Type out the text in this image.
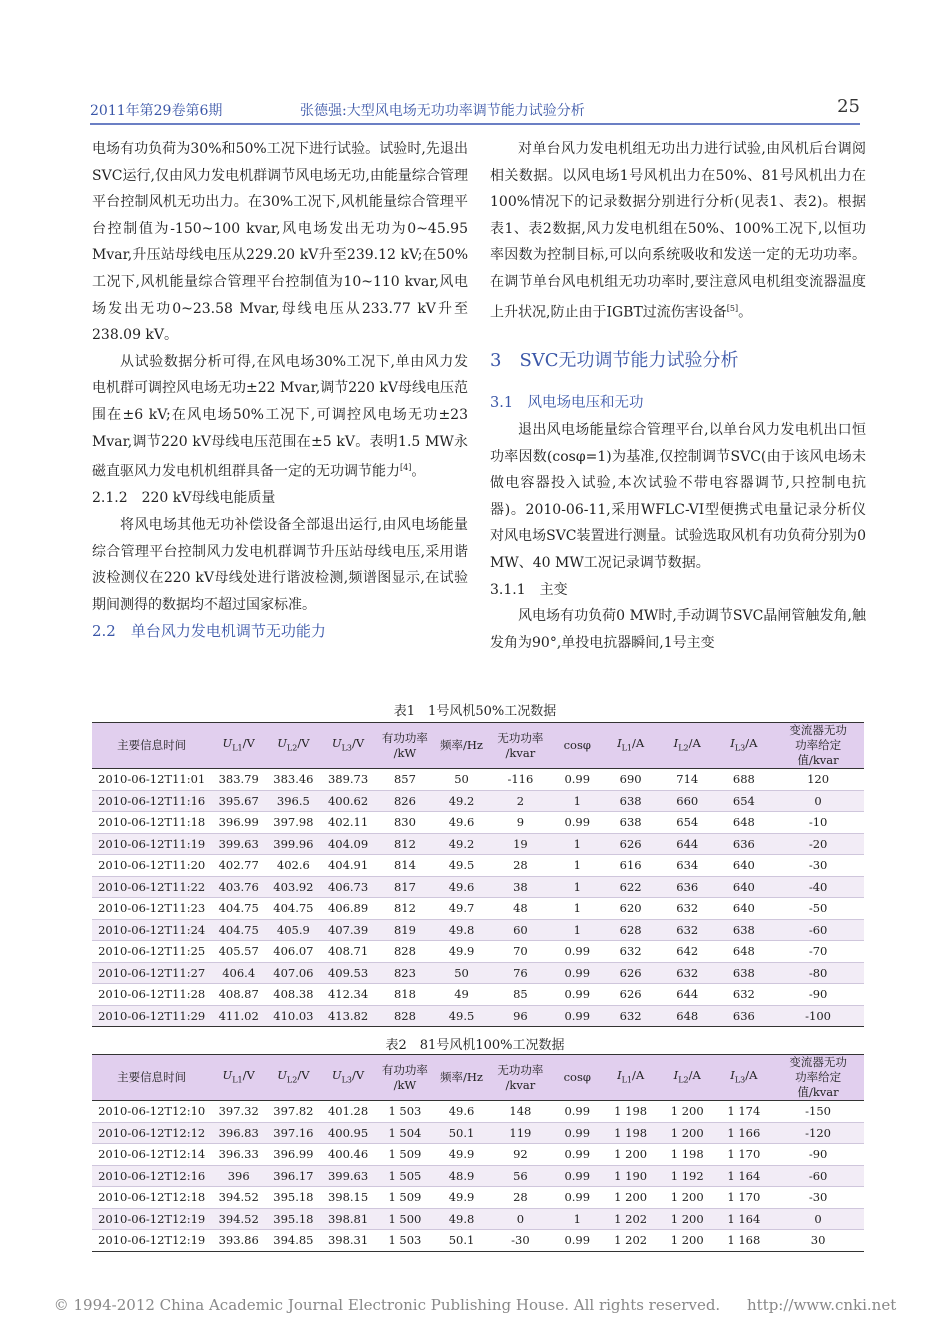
2011年第29卷第6期	张德强:大型风电场无功功率调节能力试验分析	25

电场有功负荷为30%和50%工况下进行试验。试验时,先退出SVC运行,仅由风力发电机群调节风电场无功,由能量综合管理平台控制风机无功出力。在30%工况下,风机能量综合管理平台控制值为-150~100 kvar,风电场发出无功为0~45.95 Mvar,升压站母线电压从229.20 kV升至239.12 kV;在50%工况下,风机能量综合管理平台控制值为10~110 kvar,风电场发出无功0~23.58 Mvar,母线电压从233.77 kV升至238.09 kV。

从试验数据分析可得,在风电场30%工况下,单由风力发电机群可调控风电场无功±22 Mvar,调节220 kV母线电压范围在±6 kV;在风电场50%工况下,可调控风电场无功±23 Mvar,调节220 kV母线电压范围在±5 kV。表明1.5 MW永磁直驱风力发电机机组群具备一定的无功调节能力[4]。

2.1.2　220 kV母线电能质量

将风电场其他无功补偿设备全部退出运行,由风电场能量综合管理平台控制风力发电机群调节升压站母线电压,采用谐波检测仪在220 kV母线处进行谐波检测,频谱图显示,在试验期间测得的数据均不超过国家标准。

2.2　单台风力发电机调节无功能力

对单台风力发电机组无功出力进行试验,由风机后台调阅相关数据。以风电场1号风机出力在50%、81号风机出力在100%情况下的记录数据分别进行分析(见表1、表2)。根据表1、表2数据,风力发电机组在50%、100%工况下,以恒功率因数为控制目标,可以向系统吸收和发送一定的无功功率。在调节单台风电机组无功功率时,要注意风电机组变流器温度上升状况,防止由于IGBT过流伤害设备[5]。

3　SVC无功调节能力试验分析

3.1　风电场电压和无功

退出风电场能量综合管理平台,以单台风力发电机出口恒功率因数(cosφ=1)为基准,仅控制调节SVC(由于该风电场未做电容器投入试验,本次试验不带电容器调节,只控制电抗器)。2010-06-11,采用WFLC-VI型便携式电量记录分析仪对风电场SVC装置进行测量。试验选取风机有功负荷分别为0 MW、40 MW工况记录调节数据。

3.1.1　主变

风电场有功负荷0 MW时,手动调节SVC晶闸管触发角,触发角为90°,单投电抗器瞬间,1号主变

表1　1号风机50%工况数据
主要信息时间	$U_{L1}/V$	$U_{L2}/V$	$U_{L3}/V$	有功功率
/kW	频率/Hz	无功功率
/kvar	cosφ	$I_{L1}/A$	$I_{L2}/A$	$I_{L3}/A$	变流器无功
功率给定值/kvar
2010-06-12T11:01	383.79	383.46	389.73	857	50	-116	0.99	690	714	688	120
2010-06-12T11:16	395.67	396.5	400.62	826	49.2	2	1	638	660	654	0
2010-06-12T11:18	396.99	397.98	402.11	830	49.6	9	0.99	638	654	648	-10
2010-06-12T11:19	399.63	399.96	404.09	812	49.2	19	1	626	644	636	-20
2010-06-12T11:20	402.77	402.6	404.91	814	49.5	28	1	616	634	640	-30
2010-06-12T11:22	403.76	403.92	406.73	817	49.6	38	1	622	636	640	-40
2010-06-12T11:23	404.75	404.75	406.89	812	49.7	48	1	620	632	640	-50
2010-06-12T11:24	404.75	405.9	407.39	819	49.8	60	1	628	632	638	-60
2010-06-12T11:25	405.57	406.07	408.71	828	49.9	70	0.99	632	642	648	-70
2010-06-12T11:27	406.4	407.06	409.53	823	50	76	0.99	626	632	638	-80
2010-06-12T11:28	408.87	408.38	412.34	818	49	85	0.99	626	644	632	-90
2010-06-12T11:29	411.02	410.03	413.82	828	49.5	96	0.99	632	648	636	-100
表2　81号风机100%工况数据
主要信息时间	$U_{L1}/V$	$U_{L2}/V$	$U_{L3}/V$	有功功率
/kW	频率/Hz	无功功率
/kvar	cosφ	$I_{L1}/A$	$I_{L2}/A$	$I_{L3}/A$	变流器无功
功率给定值/kvar
2010-06-12T12:10	397.32	397.82	401.28	1 503	49.6	148	0.99	1 198	1 200	1 174	-150
2010-06-12T12:12	396.83	397.16	400.95	1 504	50.1	119	0.99	1 198	1 200	1 166	-120
2010-06-12T12:14	396.33	396.99	400.46	1 509	49.9	92	0.99	1 200	1 198	1 170	-90
2010-06-12T12:16	396	396.17	399.63	1 505	48.9	56	0.99	1 190	1 192	1 164	-60
2010-06-12T12:18	394.52	395.18	398.15	1 509	49.9	28	0.99	1 200	1 200	1 170	-30
2010-06-12T12:19	394.52	395.18	398.81	1 500	49.8	0	1	1 202	1 200	1 164	0
2010-06-12T12:19	393.86	394.85	398.31	1 503	50.1	-30	0.99	1 202	1 200	1 168	30
© 1994-2012 China Academic Journal Electronic Publishing House. All rights reserved. http://www.cnki.net
